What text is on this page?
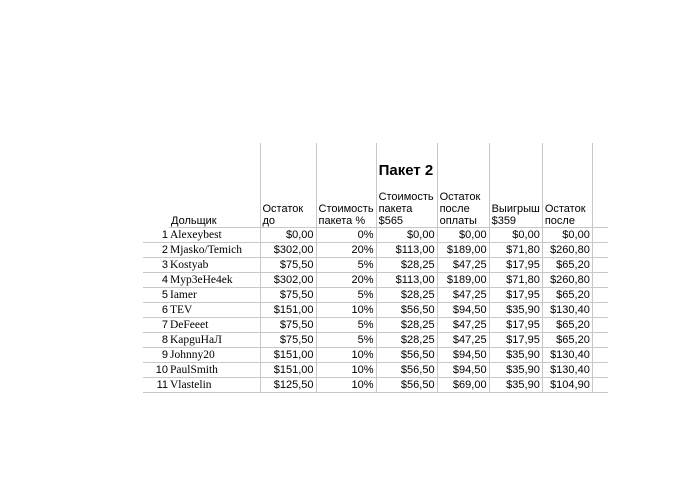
				Пакет 2				
	Дольщик	Остаток до	Стоимость пакета %	Стоимость пакета $565	Остаток после оплаты	Выигрыш $359	Остаток после	
1	Alexeybest	$0,00	0%	$0,00	$0,00	$0,00	$0,00	
2	Mjasko/Temich	$302,00	20%	$113,00	$189,00	$71,80	$260,80	
3	Kostyab	$75,50	5%	$28,25	$47,25	$17,95	$65,20	
4	Myp3eHe4ek	$302,00	20%	$113,00	$189,00	$71,80	$260,80	
5	Iamer	$75,50	5%	$28,25	$47,25	$17,95	$65,20	
6	TEV	$151,00	10%	$56,50	$94,50	$35,90	$130,40	
7	DeFeeet	$75,50	5%	$28,25	$47,25	$17,95	$65,20	
8	KapguHaЛ	$75,50	5%	$28,25	$47,25	$17,95	$65,20	
9	Johnny20	$151,00	10%	$56,50	$94,50	$35,90	$130,40	
10	PaulSmith	$151,00	10%	$56,50	$94,50	$35,90	$130,40	
11	Vlastelin	$125,50	10%	$56,50	$69,00	$35,90	$104,90	
